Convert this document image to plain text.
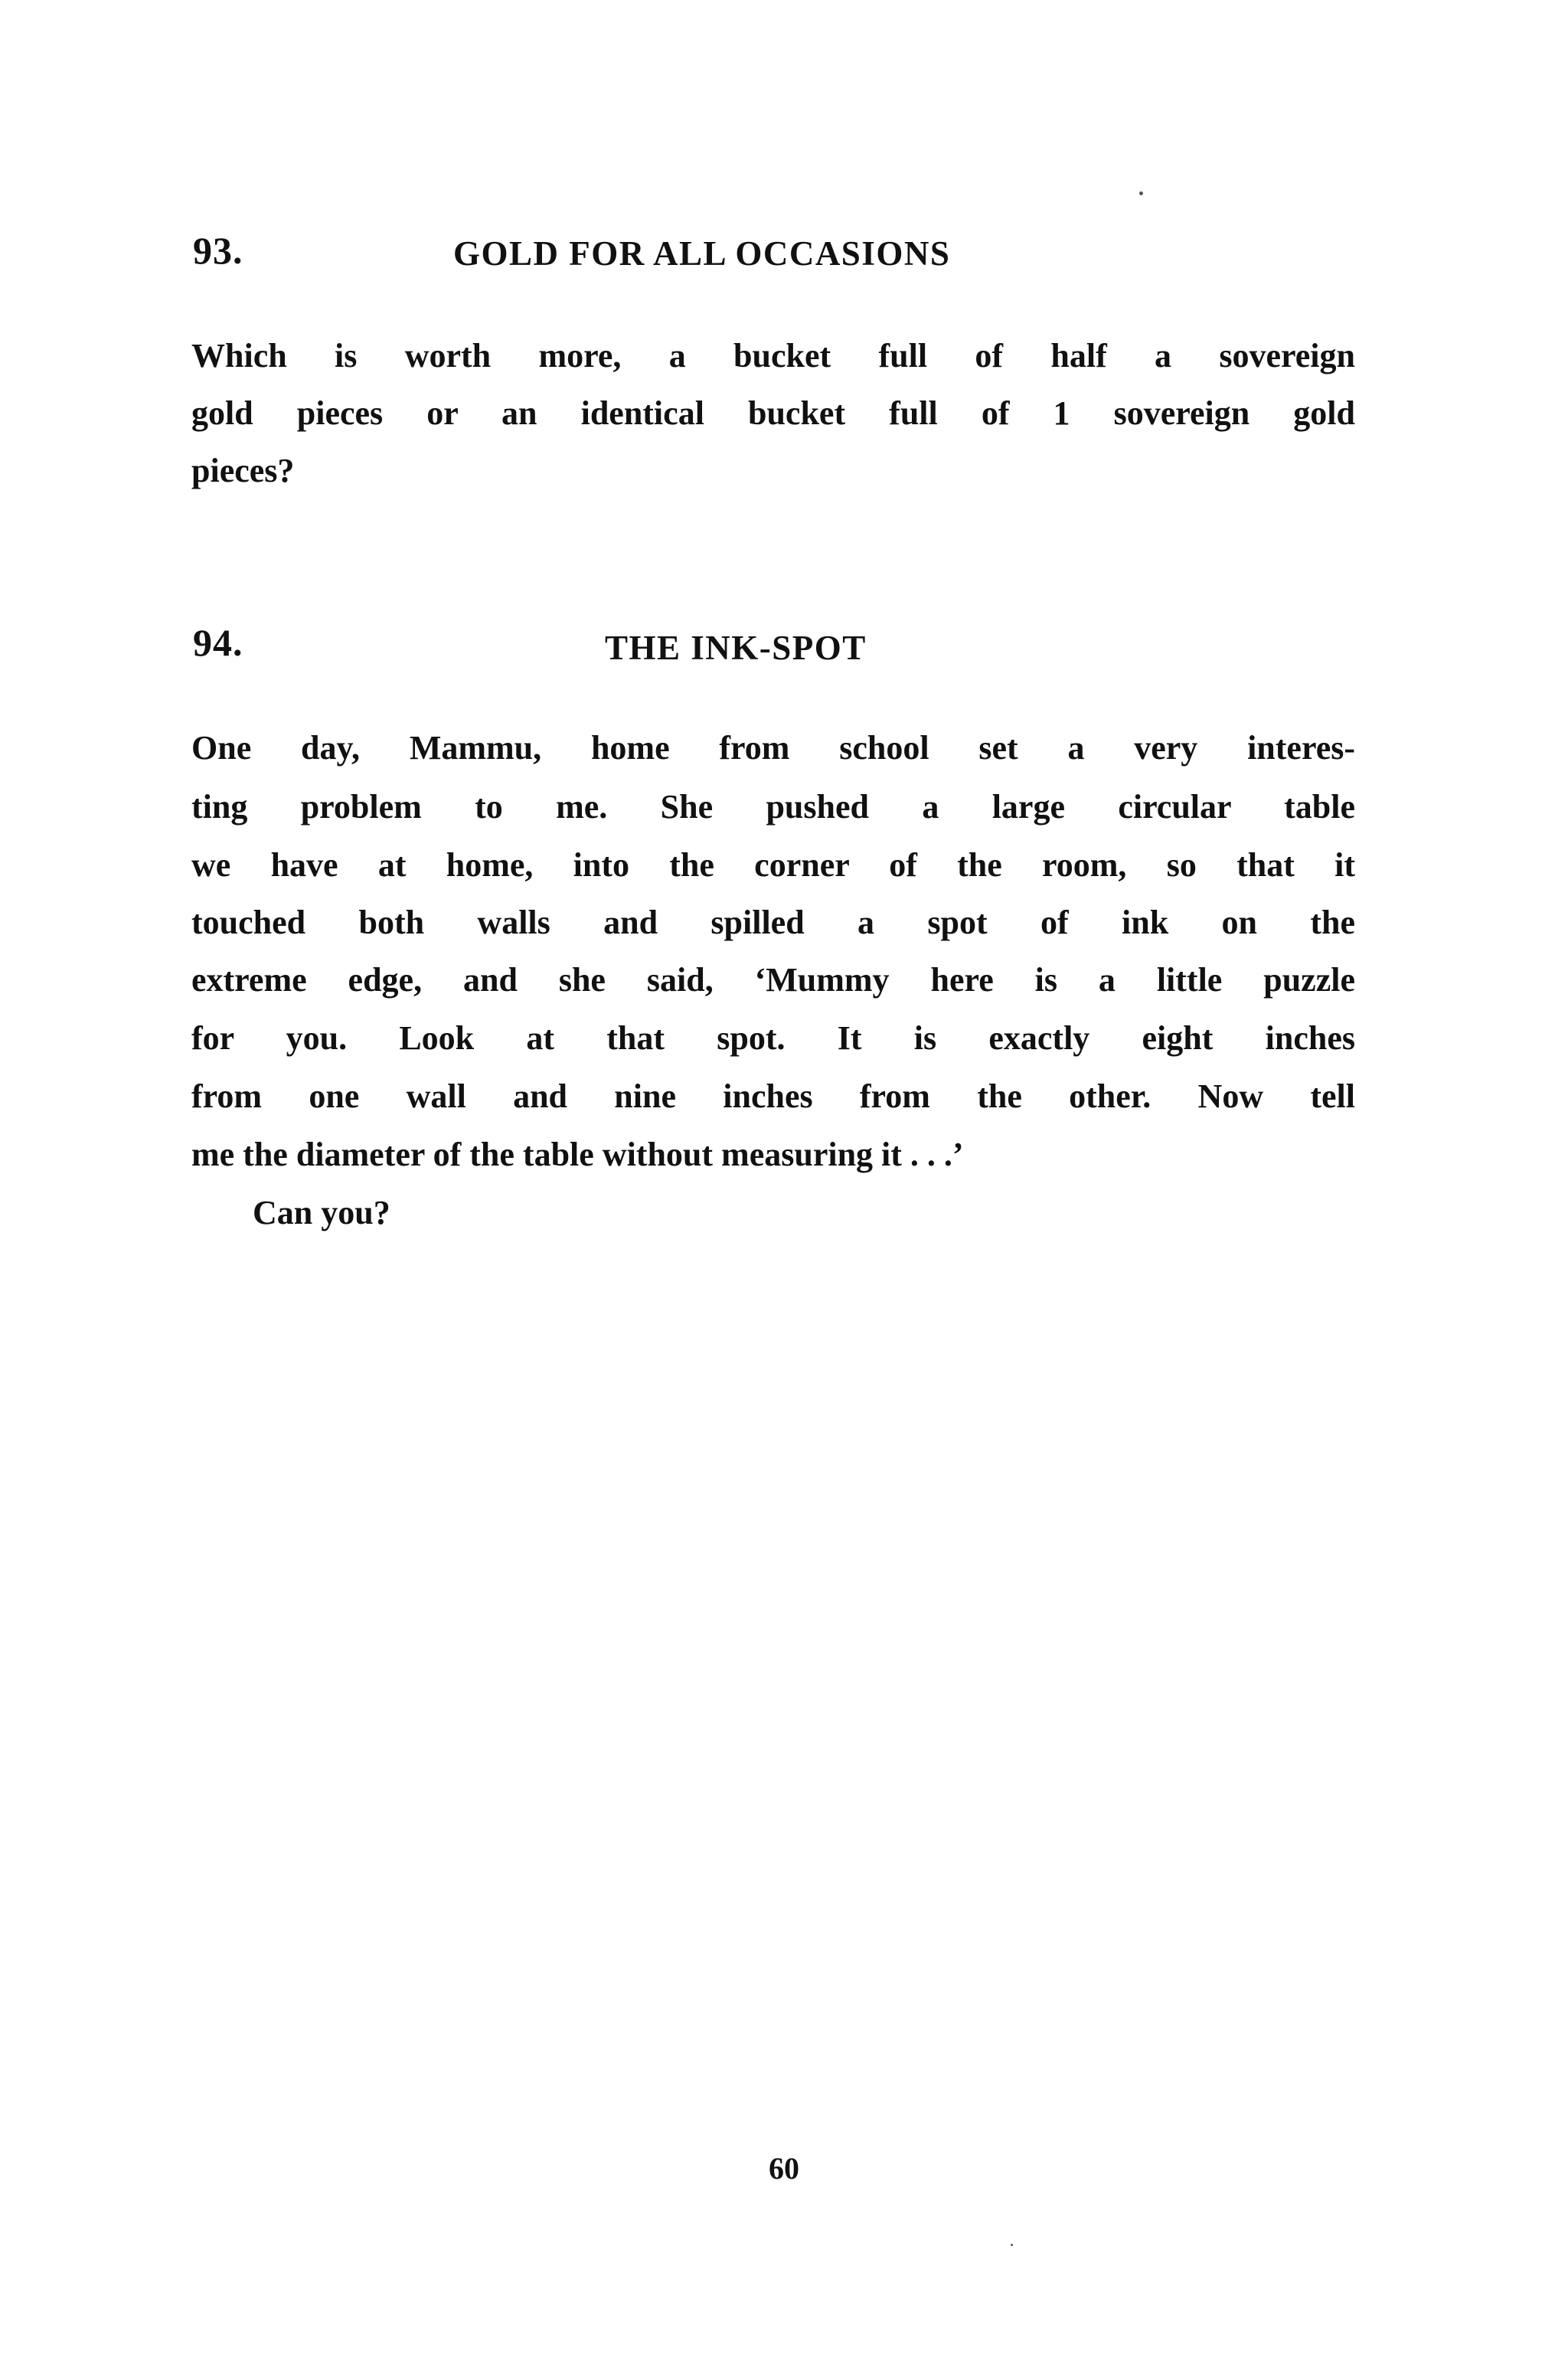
93.	GOLD FOR ALL OCCASIONS
Which is worth more, a bucket full of half a sovereign
gold pieces or an identical bucket full of 1 sovereign gold
pieces?
94.	THE INK-SPOT
One day, Mammu, home from school set a very interes-
ting problem to me. She pushed a large circular table
we have at home, into the corner of the room, so that it
touched both walls and spilled a spot of ink on the
extreme edge, and she said, ‘Mummy here is a little puzzle
for you. Look at that spot. It is exactly eight inches
from one wall and nine inches from the other. Now tell
me the diameter of the table without measuring it . . .’
Can you?
60
